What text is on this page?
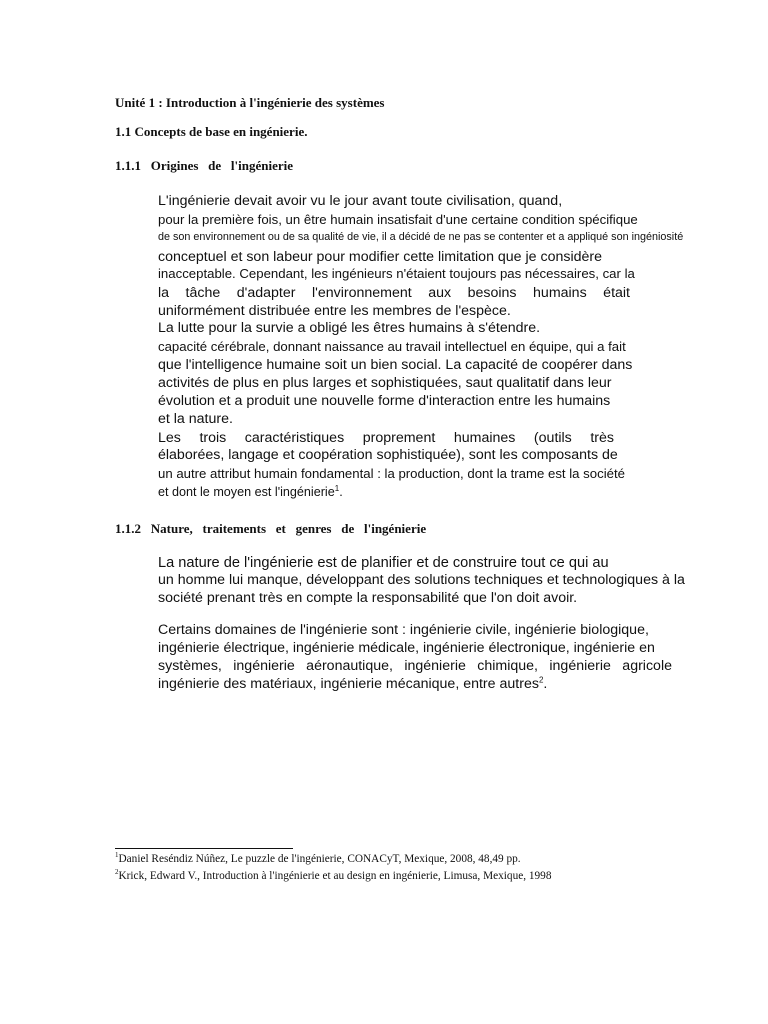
Unité 1 : Introduction à l'ingénierie des systèmes
1.1 Concepts de base en ingénierie.
1.1.1 Origines   de   l'ingénierie
L'ingénierie devait avoir vu le jour avant toute civilisation, quand,
pour la première fois, un être humain insatisfait d'une certaine condition spécifique
de son environnement ou de sa qualité de vie, il a décidé de ne pas se contenter et a appliqué son ingéniosité
conceptuel et son labeur pour modifier cette limitation que je considère
inacceptable. Cependant, les ingénieurs n'étaient toujours pas nécessaires, car la
la tâche d'adapter l'environnement aux besoins humains était
uniformément distribuée entre les membres de l'espèce.
La lutte pour la survie a obligé les êtres humains à s'étendre.
capacité cérébrale, donnant naissance au travail intellectuel en équipe, qui a fait
que l'intelligence humaine soit un bien social. La capacité de coopérer dans
activités de plus en plus larges et sophistiquées, saut qualitatif dans leur
évolution et a produit une nouvelle forme d'interaction entre les humains
et la nature.
Les trois caractéristiques proprement humaines (outils très
élaborées, langage et coopération sophistiquée), sont les composants de
un autre attribut humain fondamental : la production, dont la trame est la société
et dont le moyen est l'ingénierie$^1$.
1.1.2 Nature,   traitements   et   genres   de   l'ingénierie
La nature de l'ingénierie est de planifier et de construire tout ce qui au
un homme lui manque, développant des solutions techniques et technologiques à la
société prenant très en compte la responsabilité que l'on doit avoir.
Certains domaines de l'ingénierie sont : ingénierie civile, ingénierie biologique,
ingénierie électrique, ingénierie médicale, ingénierie électronique, ingénierie en
systèmes, ingénierie aéronautique, ingénierie chimique, ingénierie agricole
ingénierie des matériaux, ingénierie mécanique, entre autres$^2$.
$^1$Daniel Reséndiz Núñez, Le puzzle de l'ingénierie, CONACyT, Mexique, 2008, 48,49 pp.
$^2$Krick, Edward V., Introduction à l'ingénierie et au design en ingénierie, Limusa, Mexique, 1998
